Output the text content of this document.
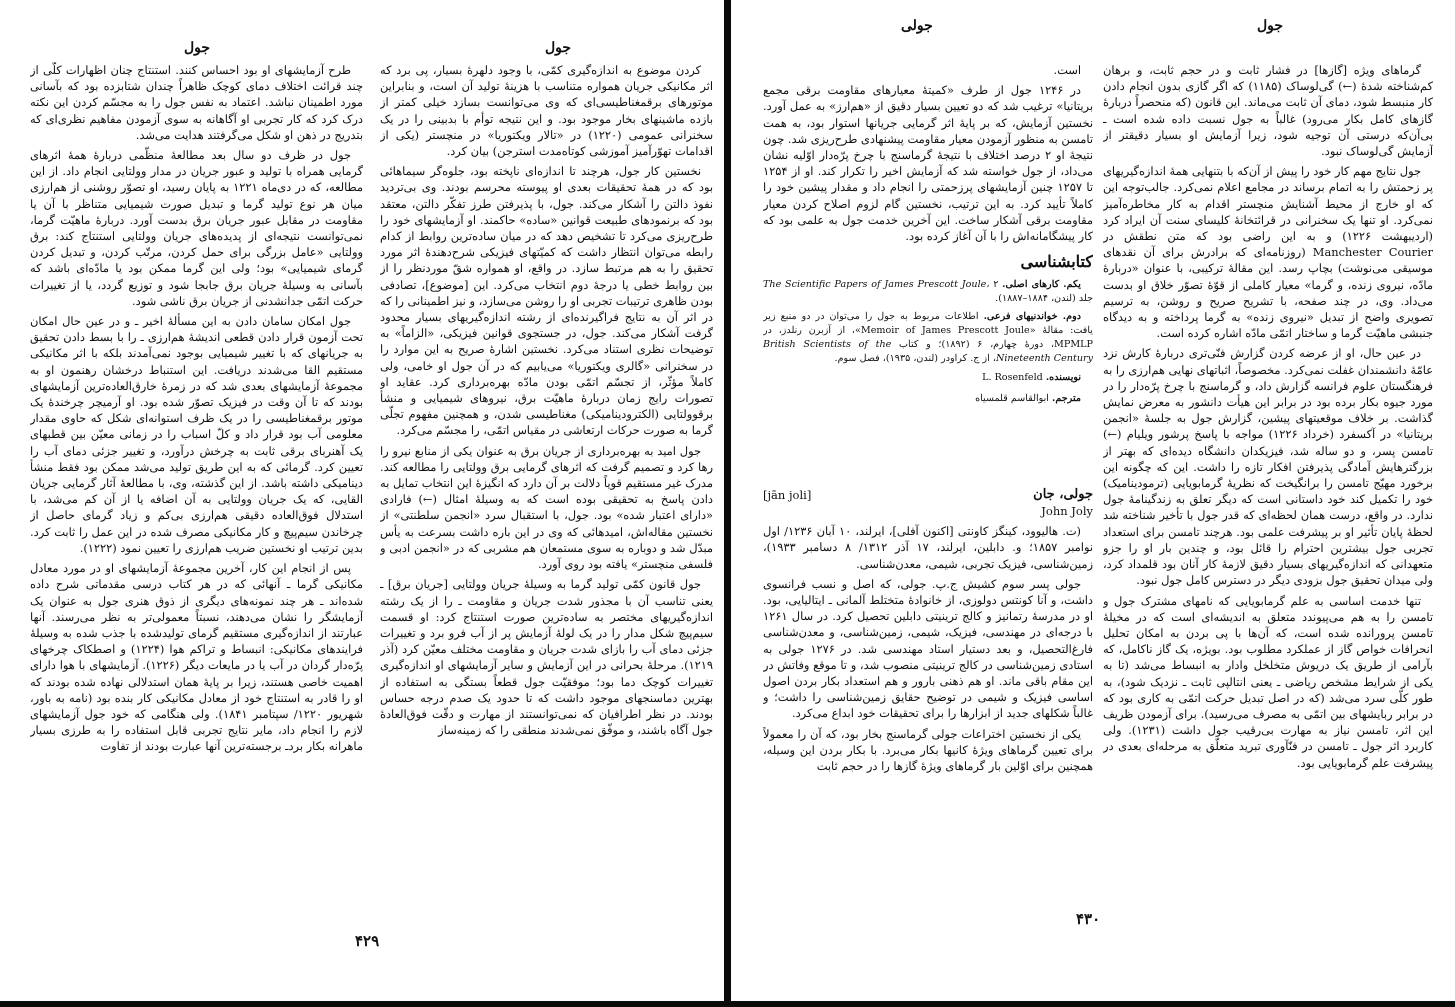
جول	جول

طرح آزمایشهای او بود احساس کنند. استنتاج چنان اظهارات کلّی از چند قرائت اختلاف دمای کوچک ظاهراً چندان شتابزده بود که بآسانی مورد اطمینان نباشد. اعتماد به نفس جول را به مجسّم کردن این نکته درک کرد که کار تجربی او آگاهانه به سوی آزمودن مفاهیم نظری‌ای که بتدریج در ذهن او شکل می‌گرفتند هدایت می‌شد.

جول در ظرف دو سال بعد مطالعهٔ منظّمی دربارهٔ همهٔ اثرهای گرمایی همراه با تولید و عبور جریان در مدار وولتایی انجام داد. از این مطالعه، که در دی‌ماه ۱۲۲۱ به پایان رسید، او تصوّر روشنی از هم‌ارزی میان هر نوع تولید گرما و تبدیل صورت شیمیایی متناظر با آن یا مقاومت در مقابل عبور جریان برق بدست آورد. دربارهٔ ماهیّت گرما، نمی‌توانست نتیجه‌ای از پدیده‌های جریان وولتایی استنتاج کند: برق وولتایی «عامل بزرگی برای حمل کردن، مرتّب کردن، و تبدیل کردن گرمای شیمیایی» بود؛ ولی این گرما ممکن بود یا مادّه‌ای باشد که بآسانی به وسیلهٔ جریان برق جابجا شود و توزیع گردد، یا از تغییرات حرکت اتمّی جدانشدنی از جریان برق ناشی شود.

جول امکان سامان دادن به این مسألهٔ اخیر ـ و در عین حال امکان تحت آزمون قرار دادن قطعی اندیشهٔ هم‌ارزی ـ را با بسط دادن تحقیق به جریانهای که با تغییر شیمیایی بوجود نمی‌آمدند بلکه با اثر مکانیکی مستقیم القا می‌شدند دریافت. این استنباط درخشان رهنمون او به مجموعهٔ آزمایشهای بعدی شد که در زمرهٔ خارق‌العاده‌ترین آزمایشهای بودند که تا آن وقت در فیزیک تصوّر شده بود. او آرمیچر چرخندهٔ یک موتور برقمغناطیسی را در یک ظرف استوانه‌ای شکل که حاوی مقدار معلومی آب بود قرار داد و کلّ اسباب را در زمانی معیّن بین قطبهای یک آهنربای برقی ثابت به چرخش درآورد، و تغییر جزئی دمای آب را تعیین کرد. گرمائی که به این طریق تولید می‌شد ممکن بود فقط منشأ دینامیکی داشته باشد. از این گذشته، وی، با مطالعهٔ آثار گرمایی جریان القایی، که یک جریان وولتایی به آن اضافه یا از آن کم می‌شد، با استدلال فوق‌العاده دقیقی هم‌ارزی بی‌کم و زیاد گرمای حاصل از چرخاندن سیم‌پیچ و کار مکانیکی مصرف شده در این عمل را ثابت کرد. بدین ترتیب او نخستین ضریب هم‌ارزی را تعیین نمود (۱۲۲۲).

پس از انجام این کار، آخرین مجموعهٔ آزمایشهای او در مورد معادل مکانیکی گرما ـ آنهائی که در هر کتاب درسی مقدماتی شرح داده شده‌اند ـ هر چند نمونه‌های دیگری از ذوق هنری جول به عنوان یک آزمایشگر را نشان می‌دهند، نسبتاً معمولی‌تر به نظر می‌رسند. آنها عبارتند از اندازه‌گیری مستقیم گرمای تولیدشده با جذب شده به وسیلهٔ فرایندهای مکانیکی: انبساط و تراکم هوا (۱۲۲۴) و اصطکاک چرخهای پرّه‌دار گردان در آب یا در مایعات دیگر (۱۲۲۶). آزمایشهای با هوا دارای اهمیت خاصی هستند، زیرا بر پایهٔ همان استدلالی نهاده شده بودند که او را قادر به استنتاج خود از معادل مکانیکی کار بنده بود (نامه به باور، شهریور ۱۲۲۰/ سپتامبر ۱۸۴۱). ولی هنگامی که خود جول آزمایشهای لازم را انجام داد، مایر نتایج تجربی قابل استفاده را به طرزی بسیار ماهرانه بکار بردـ برجسته‌ترین آنها عبارت بودند از تفاوت

کردن موضوع به اندازه‌گیری کمّی، با وجود دلهرهٔ بسیار، پی برد که اثر مکانیکی جریان همواره متناسب با هزینهٔ تولید آن است، و بنابراین موتورهای برقمغناطیسی‌ای که وی می‌توانست بسازد خیلی کمتر از بازده ماشینهای بخار موجود بود. و این نتیجه توأم با بدبینی را در یک سخنرانی عمومی (۱۲۲۰) در «تالار ویکتوریا» در منچستر (یکی از اقدامات تهوّرآمیز آموزشی کوتاه‌مدت استرجن) بیان کرد.

نخستین کار جول، هرچند تا اندازه‌ای ناپخته بود، جلوه‌گر سیماهائی بود که در همهٔ تحقیقات بعدی او پیوسته محرسم بودند. وی بی‌تردید نفوذ دالتن را آشکار می‌کند. جول، با پذیرفتن طرز تفکّر دالتن، معتقد بود که برنمودهای طبیعت قوانین «ساده» حاکمند. او آزمایشهای خود را طرح‌ریزی می‌کرد تا تشخیص دهد که در میان ساده‌ترین روابط از کدام رابطه می‌توان انتظار داشت که کمیّتهای فیزیکی شرح‌دهندهٔ اثر مورد تحقیق را به هم مرتبط سازد. در واقع، او همواره شقّ موردنظر را از بین روابط خطی یا درجهٔ دوم انتخاب می‌کرد. این [موضوع]، تصادفی بودن ظاهری ترتیبات تجربی او را روشن می‌سازد، و نیز اطمینانی را که در اثر آن به نتایج فراگیرنده‌ای از رشته اندازه‌گیریهای بسیار محدود گرفت آشکار می‌کند. جول، در جستجوی قوانین فیزیکی، «الزاماً» به توضیحات نظری استناد می‌کرد. نخستین اشارهٔ صریح به این موارد را در سخنرانی «گالری ویکتوریا» می‌یابیم که در آن جول او خامی، ولی کاملاً مؤثّر، از تجسّم اتمّی بودن مادّه بهره‌برداری کرد. عقاید او تصورات رایج زمان دربارهٔ ماهیّت برق، نیروهای شیمیایی و منشأ برقوولتایی (الکترودینامیکی) مغناطیسی شدن، و همچنین مفهوم تجلّی گرما به صورت حرکات ارتعاشی در مقیاس اتمّی، را مجسّم می‌کرد.

جول امید به بهره‌برداری از جریان برق به عنوان یکی از منابع نیرو را رها کرد و تصمیم گرفت که اثرهای گرمایی برق وولتایی را مطالعه کند. مدرک غیر مستقیم قویاً دلالت بر آن دارد که انگیزهٔ این انتخاب تمایل به دادن پاسخ به تحقیقی بوده است که به وسیلهٔ امثال (←) فارادی «دارای اعتبار شده» بود. جول، با استقبال سرد «انجمن سلطنتی» از نخستین مقاله‌اش، امیدهائی که وی در این باره داشت بسرعت به یأس مبدّل شد و دوباره به سوی مستمعان هم مشربی که در «انجمن ادبی و فلسفی منچستر» یافته بود روی آورد.

جول قانون کمّی تولید گرما به وسیلهٔ جریان وولتایی [جریان برق] ـ یعنی تناسب آن با مجذور شدت جریان و مقاومت ـ را از یک رشته اندازه‌گیریهای مختصر به ساده‌ترین صورت استنتاج کرد: او قسمت سیم‌پیچ شکل مدار را در یک لولهٔ آزمایش پر از آب فرو برد و تغییرات جزئی دمای آب را بازای شدت جریان و مقاومت مختلف معیّن کرد (آذر ۱۲۱۹). مرحلهٔ بحرانی در این آزمایش و سایر آزمایشهای او اندازه‌گیری تغییرات کوچک دما بود؛ موفقیّت جول قطعاً بستگی به استفاده از بهترین دماسنجهای موجود داشت که تا حدود یک صدم درجه حساس بودند. در نظر اطرافیان که نمی‌توانستند از مهارت و دقّت فوق‌العادهٔ جول آگاه باشند، و موفّق نمی‌شدند منطقی را که زمینه‌ساز

۴۲۹
جولی	جول

است.

در ۱۲۴۶ جول از طرف «کمیتهٔ معیارهای مقاومت برقی مجمع بریتانیا» ترغیب شد که دو تعیین بسیار دقیق از «هم‌ارز» به عمل آورد. نخستین آزمایش، که بر پایهٔ اثر گرمایی جریانها استوار بود، به همت تامسن به منظور آزمودن معیار مقاومت پیشنهادی طرح‌ریزی شد. چون نتیجهٔ او ۲ درصد اختلاف با نتیجهٔ گرماسنج با چرخ پرّه‌دار اوّلیه نشان می‌داد، از جول خواسته شد که آزمایش اخیر را تکرار کند. او از ۱۲۵۴ تا ۱۲۵۷ چنین آزمایشهای پرزحمتی را انجام داد و مقدار پیشین خود را کاملاً تأیید کرد. به این ترتیب، نخستین گام لزوم اصلاح کردن معیار مقاومت برقی آشکار ساخت. این آخرین خدمت جول به علمی بود که کار پیشگامانه‌اش را با آن آغاز کرده بود.

کتابشناسی

یکم. کارهای اصلی. The Scientific Papers of James Prescott Joule، ۲ جلد (لندن، ۱۸۸۴–۱۸۸۷).

دوم. خواندنیهای فرعی. اطلاعات مربوط به جول را می‌توان در دو منبع زیر یافت: مقالهٔ «Memoir of James Prescott Joule»، از آزبرن رنلدز، در MPMLP، دورهٔ چهارم، ۶ (۱۸۹۲)؛ و کتاب British Scientists of the Nineteenth Century، از ج. کراودر (لندن، ۱۹۳۵)، فصل سوم.

نویسنده. L. Rosenfeld

مترجم. ابوالقاسم قلمسیاه

جولی، جان
[jān joli]
John Joly

(ت. هالیوود، کینگز کاونتی [اکنون آفلی]، ایرلند، ۱۰ آبان ۱۲۳۶/ اول نوامبر ۱۸۵۷؛ و. دابلین، ایرلند، ۱۷ آذر ۱۳۱۲/ ۸ دسامبر ۱۹۳۳)، زمین‌شناسی، فیزیک تجربی، شیمی، معدن‌شناسی.

جولی پسر سوم کشیش ج.پ. جولی، که اصل و نسب فرانسوی داشت، و آنا کونتس دولوزی، از خانوادهٔ متختلط آلمانی ـ ایتالیایی، بود. او در مدرسهٔ رتمانیز و کالج ترینیتی دابلین تحصیل کرد. در سال ۱۲۶۱ با درجه‌ای در مهندسی، فیزیک، شیمی، زمین‌شناسی، و معدن‌شناسی فارغ‌التحصیل، و بعد دستیار استاد مهندسی شد. در ۱۲۷۶ جولی به استادی زمین‌شناسی در کالج ترینیتی منصوب شد، و تا موقع وفاتش در این مقام باقی ماند. او هم ذهنی بارور و هم استعداد بکار بردن اصول اساسی فیزیک و شیمی در توضیح حقایق زمین‌شناسی را داشت؛ و غالباً شکلهای جدید از ابزارها را برای تحقیقات خود ابداع می‌کرد.

یکی از نخستین اختراعات جولی گرماسنج بخار بود، که آن را معمولاً برای تعیین گرماهای ویژهٔ کانیها بکار می‌برد. با بکار بردن این وسیله، همچنین برای اوّلین بار گرماهای ویژهٔ گازها را در حجم ثابت

گرماهای ویژه [گازها] در فشار ثابت و در حجم ثابت، و برهان کم‌شناخته شدهٔ (←) گی‌لوساک (۱۱۸۵) که اگر گازی بدون انجام دادن کار منبسط شود، دمای آن ثابت می‌ماند. این قانون (که منحصراً دربارهٔ گازهای کامل بکار می‌رود) غالباً به جول نسبت داده شده است ـ بی‌آن‌که درستی آن توجیه شود، زیرا آزمایش او بسیار دقیقتر از آزمایش گی‌لوساک نبود.

جول نتایج مهم کار خود را پیش از آن‌که با بتنهایی همهٔ اندازه‌گیریهای پر زحمتش را به اتمام برساند در مجامع اعلام نمی‌کرد. جالب‌توجه این که او خارج از محیط آشنایش منچستر اقدام به کار مخاطره‌آمیز نمی‌کرد. او تنها یک سخنرانی در قرائتخانهٔ کلیسای سنت آن ایراد کرد (اردیبهشت ۱۲۲۶) و به این راضی بود که متن نطقش در Manchester Courier (روزنامه‌ای که برادرش برای آن نقدهای موسیقی می‌نوشت) بچاپ رسد. این مقالهٔ ترکیبی، با عنوان «دربارهٔ مادّه، نیروی زنده، و گرما» معیار کاملی از قوّهٔ تصوّر خلاق او بدست می‌داد. وی، در چند صفحه، با تشریح صریح و روشن، به ترسیم تصویری واضح از تبدیل «نیروی زنده» به گرما پرداخته و به دیدگاه جنبشی ماهیّت گرما و ساختار اتمّی مادّه اشاره کرده است.

در عین حال، او از عرضه کردن گزارش فنّی‌تری دربارهٔ کارش نزد عامّهٔ دانشمندان غفلت نمی‌کرد. مخصوصاً، اثباتهای نهایی هم‌ارزی را به فرهنگستان علوم فرانسه گزارش داد، و گرماسنج با چرخ پرّه‌دار را در مورد جیوه بکار برده بود در برابر این هیأت دانشور به معرض نمایش گذاشت. بر خلاف موقعیتهای پیشین، گزارش جول به جلسهٔ «انجمن بریتانیا» در آکسفرد (خرداد ۱۲۲۶) مواجه با پاسخ پرشور ویلیام (←) تامسن پسر، و دو ساله شد، فیزیکدان دانشگاه دیده‌ای که بهتر از بزرگترهایش آمادگی پذیرفتن افکار تازه را داشت. این که چگونه این برخورد مهیّج تامسن را برانگیخت که نظریهٔ گرمابویایی (ترمودینامیک) خود را تکمیل کند خود داستانی است که دیگر تعلق به زندگینامهٔ جول ندارد. در واقع، درست همان لحظه‌ای که قدر جول با تأخیر شناخته شد لحظهٔ پایان تأثیر او بر پیشرفت علمی بود. هرچند تامسن برای استعداد تجربی جول بیشترین احترام را قائل بود، و چندین بار او را جزو متعهدانی که اندازه‌گیریهای بسیار دقیق لازمهٔ کار آنان بود قلمداد کرد، ولی میدان تحقیق جول بزودی دیگر در دسترس کامل جول نبود.

تنها خدمت اساسی به علم گرمابویایی که نامهای مشترک جول و تامسن را به هم می‌پیوندد متعلق به اندیشه‌ای است که در مخیلهٔ تامسن پرورانده شده است، که آن‌ها با پی بردن به امکان تحلیل انحرافات خواص گاز از عملکرد مطلوب بود. بویژه، یک گاز ناکامل، که بآرامی از طریق یک دریوش متخلخل وادار به انبساط می‌شد (تا به یکی از شرایط مشخص ریاضی ـ یعنی انتالپی ثابت ـ نزدیک شود)، به طور کلّی سرد می‌شد (که در اصل تبدیل حرکت اتمّی به کاری بود که در برابر ربایشهای بین اتمّی به مصرف می‌رسید). برای آزمودن ظریف این اثر، تامسن نیاز به مهارت بی‌رقیب جول داشت (۱۲۳۱). ولی کاربرد اثر جول ـ تامسن در فنّآوری تبرید متعلّق به مرحله‌ای بعدی در پیشرفت علم گرمابویایی بود.

۴۳۰
